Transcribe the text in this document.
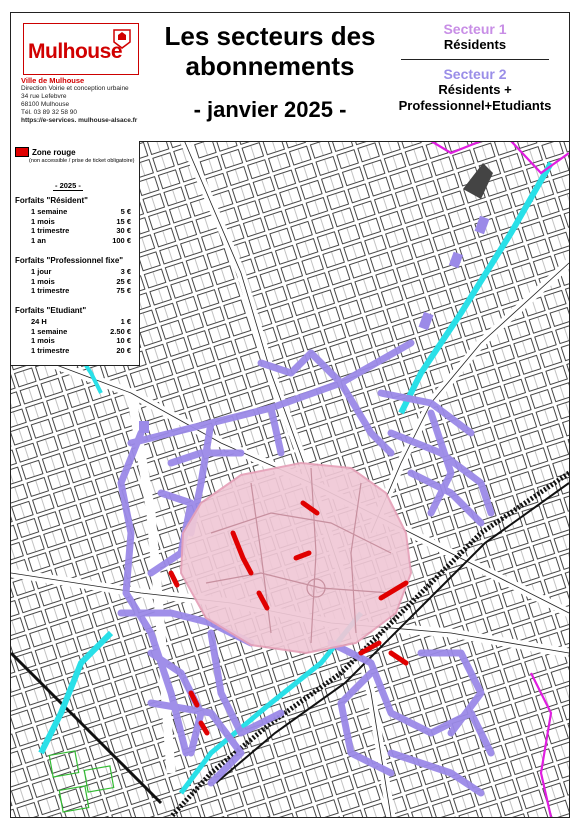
Mulhouse
Ville de Mulhouse
Direction Voirie et conception urbaine
34 rue Lefebvre
68100 Mulhouse
Tél. 03 89 32 58 90
https://e-services. mulhouse-alsace.fr
Les secteurs des
abonnements
- janvier 2025 -
Secteur 1
Résidents
Secteur 2
Résidents +
Professionnel+Etudiants
Zone rouge
(non accessible / prise de ticket obligatoire)
- 2025 -
Forfaits "Résident"
1 semaine	5 €
1 mois	15 €
1 trimestre	30 €
1 an	100 €
Forfaits "Professionnel fixe"
1 jour	3 €
1 mois	25 €
1 trimestre	75 €
Forfaits "Etudiant"
24 H	1 €
1 semaine	2.50 €
1 mois	10 €
1 trimestre	20 €
